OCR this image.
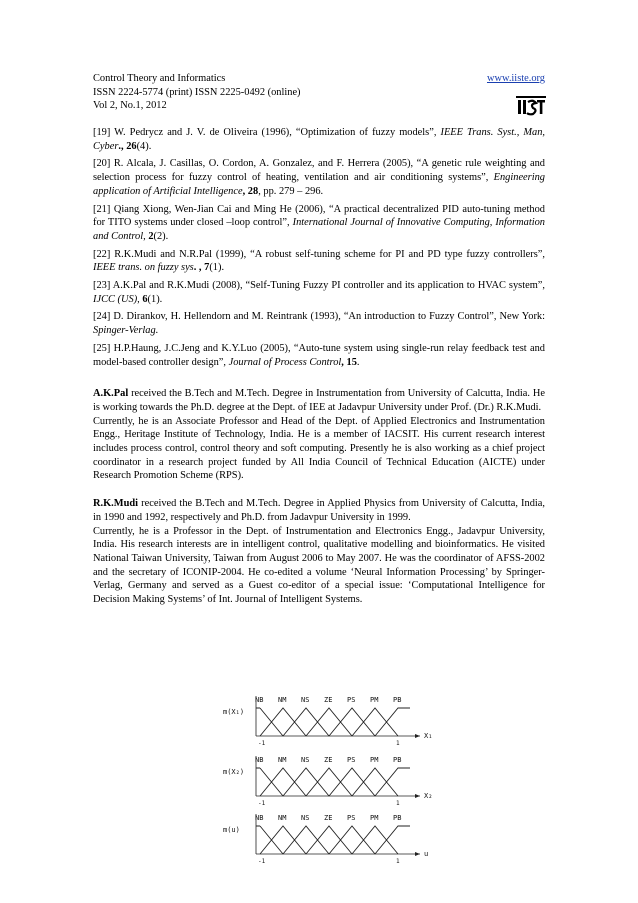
Control Theory and Informatics	www.iiste.org
ISSN 2224-5774 (print) ISSN 2225-0492 (online)
Vol 2, No.1, 2012

[19] W. Pedrycz and J. V. de Oliveira (1996), “Optimization of fuzzy models”, IEEE Trans. Syst., Man, Cyber., 26(4).

[20] R. Alcala, J. Casillas, O. Cordon, A. Gonzalez, and F. Herrera (2005), “A genetic rule weighting and selection process for fuzzy control of heating, ventilation and air conditioning systems”, Engineering application of Artificial Intelligence, 28, pp. 279 – 296.

[21] Qiang Xiong, Wen-Jian Cai and Ming He (2006), “A practical decentralized PID auto-tuning method for TITO systems under closed –loop control”, International Journal of Innovative Computing, Information and Control, 2(2).

[22] R.K.Mudi and N.R.Pal (1999), “A robust self-tuning scheme for PI and PD type fuzzy controllers”, IEEE trans. on fuzzy sys. , 7(1).

[23] A.K.Pal and R.K.Mudi (2008), “Self-Tuning Fuzzy PI controller and its application to HVAC system”, IJCC (US), 6(1).

[24] D. Dirankov, H. Hellendorn and M. Reintrank (1993), “An introduction to Fuzzy Control”, New York: Spinger-Verlag.

[25] H.P.Haung, J.C.Jeng and K.Y.Luo (2005), “Auto-tune system using single-run relay feedback test and model-based controller design”, Journal of Process Control, 15.

A.K.Pal received the B.Tech and M.Tech. Degree in Instrumentation from University of Calcutta, India. He is working towards the Ph.D. degree at the Dept. of IEE at Jadavpur University under Prof. (Dr.) R.K.Mudi.

Currently, he is an Associate Professor and Head of the Dept. of Applied Electronics and Instrumentation Engg., Heritage Institute of Technology, India. He is a member of IACSIT. His current research interest includes process control, control theory and soft computing. Presently he is also working as a chief project coordinator in a research project funded by All India Council of Technical Education (AICTE) under Research Promotion Scheme (RPS).

R.K.Mudi received the B.Tech and M.Tech. Degree in Applied Physics from University of Calcutta, India, in 1990 and 1992, respectively and Ph.D. from Jadavpur University in 1999.

Currently, he is a Professor in the Dept. of Instrumentation and Electronics Engg., Jadavpur University, India. His research interests are in intelligent control, qualitative modelling and bioinformatics. He visited National Taiwan University, Taiwan from August 2006 to May 2007. He was the coordinator of AFSS-2002 and the secretary of ICONIP-2004. He co-edited a volume ‘Neural Information Processing’ by Springer-Verlag, Germany and served as a Guest co-editor of a special issue: ‘Computational Intelligence for Decision Making Systems’ of Int. Journal of Intelligent Systems.

m(X₁)
NB NM NS ZE PS PM PB
X₁
-1	1
m(X₂)
NB NM NS ZE PS PM PB
X₂
-1	1
m(u)
NB NM NS ZE PS PM PB
u
-1	1
